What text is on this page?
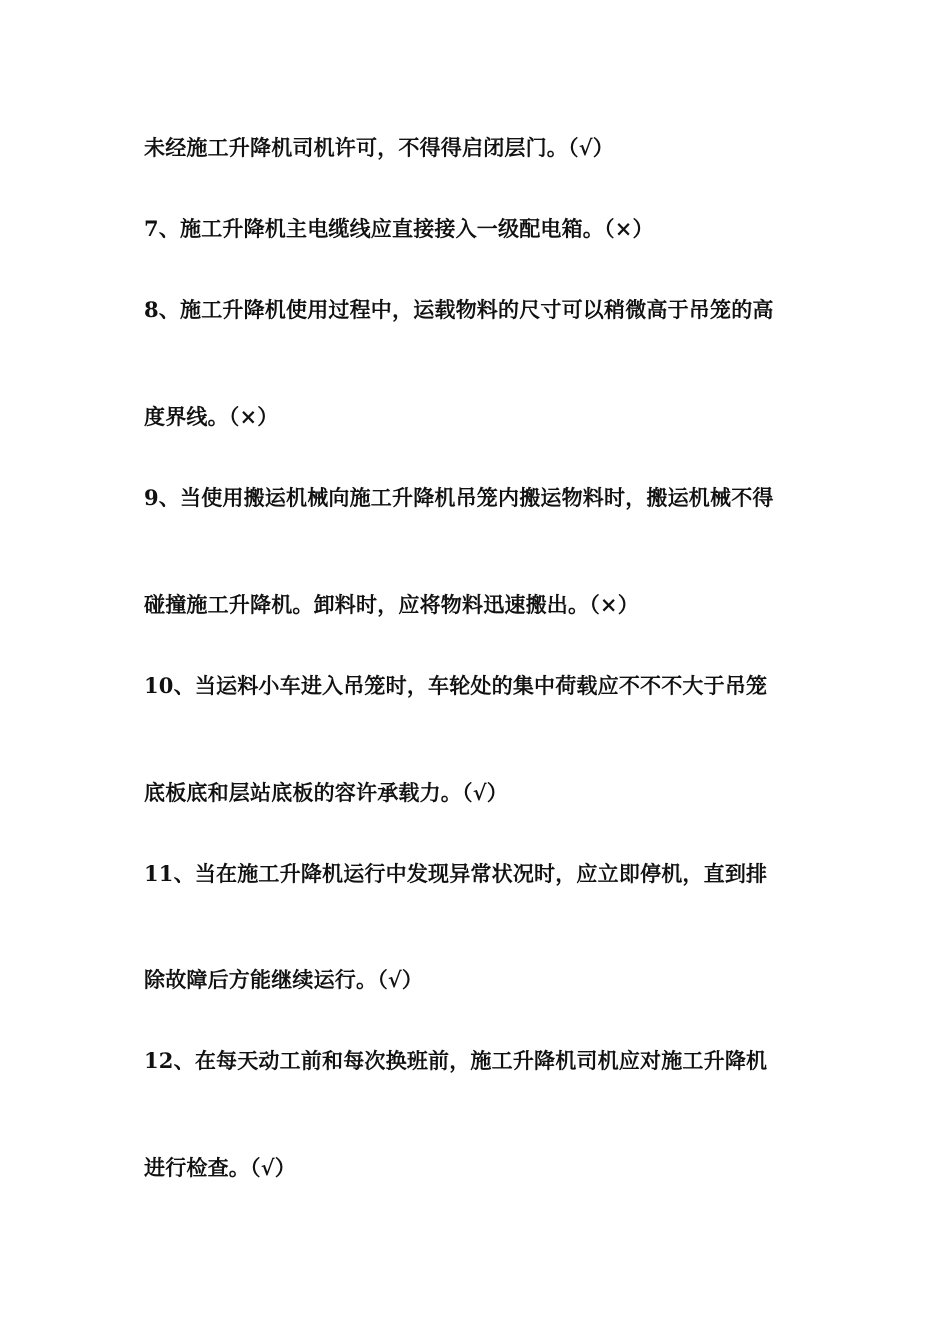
未经施工升降机司机许可，不得得启闭层门。（√）
7、施工升降机主电缆线应直接接入一级配电箱。（×）
8、施工升降机使用过程中，运载物料的尺寸可以稍微高于吊笼的高
度界线。（×）
9、当使用搬运机械向施工升降机吊笼内搬运物料时，搬运机械不得
碰撞施工升降机。卸料时，应将物料迅速搬出。（×）
10、当运料小车进入吊笼时，车轮处的集中荷载应不不不大于吊笼
底板底和层站底板的容许承载力。（√）
11、当在施工升降机运行中发现异常状况时，应立即停机，直到排
除故障后方能继续运行。（√）
12、在每天动工前和每次换班前，施工升降机司机应对施工升降机
进行检查。（√）
